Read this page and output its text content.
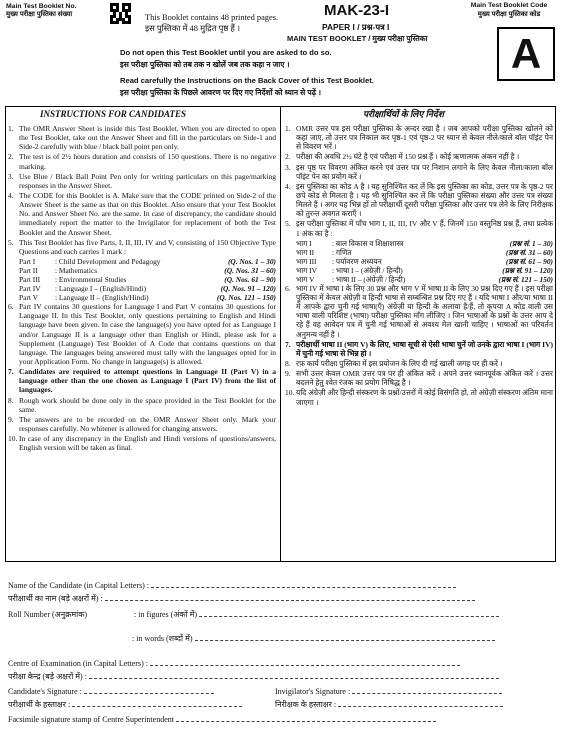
Main Test Booklet No.
मुख्य परीक्षा पुस्तिका संख्या	MAK-23-I
This Booklet contains 48 printed pages.
इस पुस्तिका में 48 मुद्रित पृष्ठ हैं ।	PAPER I / प्रश्न-पत्र I
MAIN TEST BOOKLET / मुख्य परीक्षा पुस्तिका
Main Test Booklet Code
मुख्य परीक्षा पुस्तिका कोड
A
Do not open this Test Booklet until you are asked to do so.
इस परीक्षा पुस्तिका को तब तक न खोलें जब तक कहा न जाए ।
Read carefully the Instructions on the Back Cover of this Test Booklet.
इस परीक्षा पुस्तिका के पिछले आवरण पर दिए गए निर्देशों को ध्यान से पढ़ें ।
INSTRUCTIONS FOR CANDIDATES	परीक्षार्थियों के लिए निर्देश
1. The OMR Answer Sheet is inside this Test Booklet. When you are directed to open the Test Booklet, take out the Answer Sheet and fill in the particulars on Side-1 and Side-2 carefully with blue / black ball point pen only.
2. The test is of 2½ hours duration and consists of 150 questions. There is no negative marking.
3. Use Blue / Black Ball Point Pen only for writing particulars on this page/marking responses in the Answer Sheet.
4. The CODE for this Booklet is A. Make sure that the CODE printed on Side-2 of the Answer Sheet is the same as that on this Booklet. Also ensure that your Test Booklet No. and Answer Sheet No. are the same. In case of discrepancy, the candidate should immediately report the matter to the Invigilator for replacement of both the Test Booklet and the Answer Sheet.
5. This Test Booklet has five Parts, I, II, III, IV and V, consisting of 150 Objective Type Questions and each carries 1 mark :
Part I	: Child Development and Pedagogy	(Q. Nos. 1 – 30)
Part II	: Mathematics	(Q. Nos. 31 – 60)
Part III	: Environmental Studies	(Q. Nos. 61 – 90)
Part IV	: Language I – (English/Hindi)	(Q. Nos. 91 – 120)
Part V	: Language II – (English/Hindi)	(Q. Nos. 121 – 150)
6. Part IV contains 30 questions for Language I and Part V contains 30 questions for Language II. In this Test Booklet, only questions pertaining to English and Hindi language have been given. In case the language(s) you have opted for as Language I and/or Language II is a language other than English or Hindi, please ask for a Supplement (Language) Test Booklet of A Code that contains questions on that language. The languages being answered must tally with the languages opted for in your Application Form. No change in language(s) is allowed.
7. Candidates are required to attempt questions in Language II (Part V) in a language other than the one chosen as Language I (Part IV) from the list of languages.
8. Rough work should be done only in the space provided in the Test Booklet for the same.
9. The answers are to be recorded on the OMR Answer Sheet only. Mark your responses carefully. No whitener is allowed for changing answers.
10. In case of any discrepancy in the English and Hindi versions of questions/answers, English version will be taken as final.
1. OMR उत्तर पत्र इस परीक्षा पुस्तिका के अन्दर रखा है । जब आपको परीक्षा पुस्तिका खोलने को कहा जाए, तो उत्तर पत्र निकाल कर पृष्ठ-1 एवं पृष्ठ-2 पर ध्यान से केवल नीले/काले बॉल पॉइंट पेन से विवरण भरें ।
2. परीक्षा की अवधि 2½ घंटे है एवं परीक्षा में 150 प्रश्न हैं । कोई ऋणात्मक अंकन नहीं है ।
3. इस पृष्ठ पर विवरण अंकित करने एवं उत्तर पत्र पर निशान लगाने के लिए केवल नीला/काला बॉल पॉइंट पेन का प्रयोग करें ।
4. इस पुस्तिका का कोड A है । यह सुनिश्चित कर लें कि इस पुस्तिका का कोड, उत्तर पत्र के पृष्ठ-2 पर छपे कोड से मिलता है । यह भी सुनिश्चित कर लें कि परीक्षा पुस्तिका संख्या और उत्तर पत्र संख्या मिलते हैं । अगर यह भिन्न हों तो परीक्षार्थी दूसरी परीक्षा पुस्तिका और उत्तर पत्र लेने के लिए निरीक्षक को तुरन्त अवगत कराएँ ।
5. इस परीक्षा पुस्तिका में पाँच भाग I, II, III, IV और V हैं, जिनमें 150 वस्तुनिष्ठ प्रश्न हैं, तथा प्रत्येक 1 अंक का है :
भाग I	: बाल विकास व शिक्षाशास्त्र	(प्रश्न सं. 1 – 30)
भाग II	: गणित	(प्रश्न सं. 31 – 60)
भाग III	: पर्यावरण अध्ययन	(प्रश्न सं. 61 – 90)
भाग IV	: भाषा I – (अंग्रेज़ी / हिन्दी)	(प्रश्न सं. 91 – 120)
भाग V	: भाषा II – (अंग्रेज़ी / हिन्दी)	(प्रश्न सं. 121 – 150)
6. भाग IV में भाषा I के लिए 30 प्रश्न और भाग V में भाषा II के लिए 30 प्रश्न दिए गए हैं । इस परीक्षा पुस्तिका में केवल अंग्रेज़ी व हिन्दी भाषा से सम्बन्धित प्रश्न दिए गए हैं । यदि भाषा I और/या भाषा II में आपके द्वारा चुनी गई भाषा(एँ) अंग्रेज़ी या हिन्दी के अलावा है/हैं, तो कृपया A कोड वाली उस भाषा वाली परिशिष्ट (भाषा) परीक्षा पुस्तिका माँग लीजिए । जिन भाषाओं के प्रश्नों के उत्तर आप दे रहे हैं वह आवेदन पत्र में चुनी गई भाषाओं से अवश्य मेल खानी चाहिए । भाषाओं का परिवर्तन अनुमन्य नहीं है ।
7. परीक्षार्थी भाषा II (भाग V) के लिए, भाषा सूची से ऐसी भाषा चुनें जो उनके द्वारा भाषा I (भाग IV) में चुनी गई भाषा से भिन्न हो ।
8. रफ़ कार्य परीक्षा पुस्तिका में इस प्रयोजन के लिए दी गई खाली जगह पर ही करें ।
9. सभी उत्तर केवल OMR उत्तर पत्र पर ही अंकित करें । अपने उत्तर ध्यानपूर्वक अंकित करें । उत्तर बदलने हेतु श्वेत रंजक का प्रयोग निषिद्ध है ।
10. यदि अंग्रेज़ी और हिन्दी संस्करण के प्रश्नों/उत्तरों में कोई विसंगति हो, तो अंग्रेज़ी संस्करण अंतिम माना जाएगा ।
Name of the Candidate (in Capital Letters) :
परीक्षार्थी का नाम (बड़े अक्षरों में) :
Roll Number (अनुक्रमांक)	: in figures (अंकों में)
: in words (शब्दों में)
Centre of Examination (in Capital Letters) :
परीक्षा केन्द्र (बड़े अक्षरों में) :
Candidate's Signature :
परीक्षार्थी के हस्ताक्षर :
Invigilator's Signature :
निरीक्षक के हस्ताक्षर :
Facsimile signature stamp of Centre Superintendent
